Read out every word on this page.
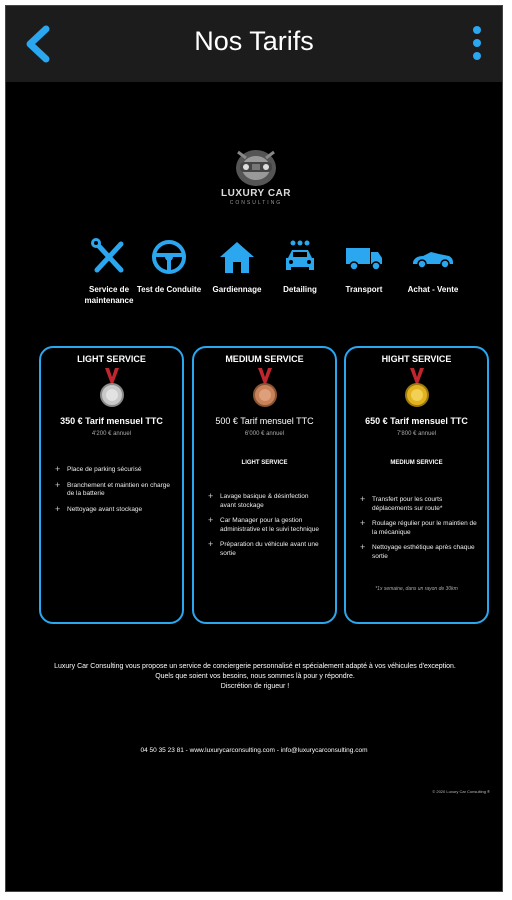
Nos Tarifs
LUXURY CAR
CONSULTING
Service de maintenance
Test de Conduite	Gardiennage	Detailing	Transport	Achat - Vente
LIGHT SERVICE
350 € Tarif mensuel TTC
4'200 € annuel
+ Place de parking sécurisé
+ Branchement et maintien en charge de la batterie
+ Nettoyage avant stockage
MEDIUM SERVICE
500 € Tarif mensuel TTC
6'000 € annuel
LIGHT SERVICE
+ Lavage basique & désinfection avant stockage
+ Car Manager pour la gestion administrative et le suivi technique
+ Préparation du véhicule avant une sortie
HIGHT SERVICE
650 € Tarif mensuel TTC
7'800 € annuel
MEDIUM SERVICE
+ Transfert pour les courts déplacements sur route*
+ Roulage régulier pour le maintien de la mécanique
+ Nettoyage esthétique après chaque sortie
*1x semaine, dans un rayon de 30km
Luxury Car Consulting vous propose un service de conciergerie personnalisé et spécialement adapté à vos véhicules d'exception.
Quels que soient vos besoins, nous sommes là pour y répondre.
Discrétion de rigueur !
04 50 35 23 81 - www.luxurycarconsulting.com - info@luxurycarconsulting.com
© 2020 Luxury Car Consulting ®
